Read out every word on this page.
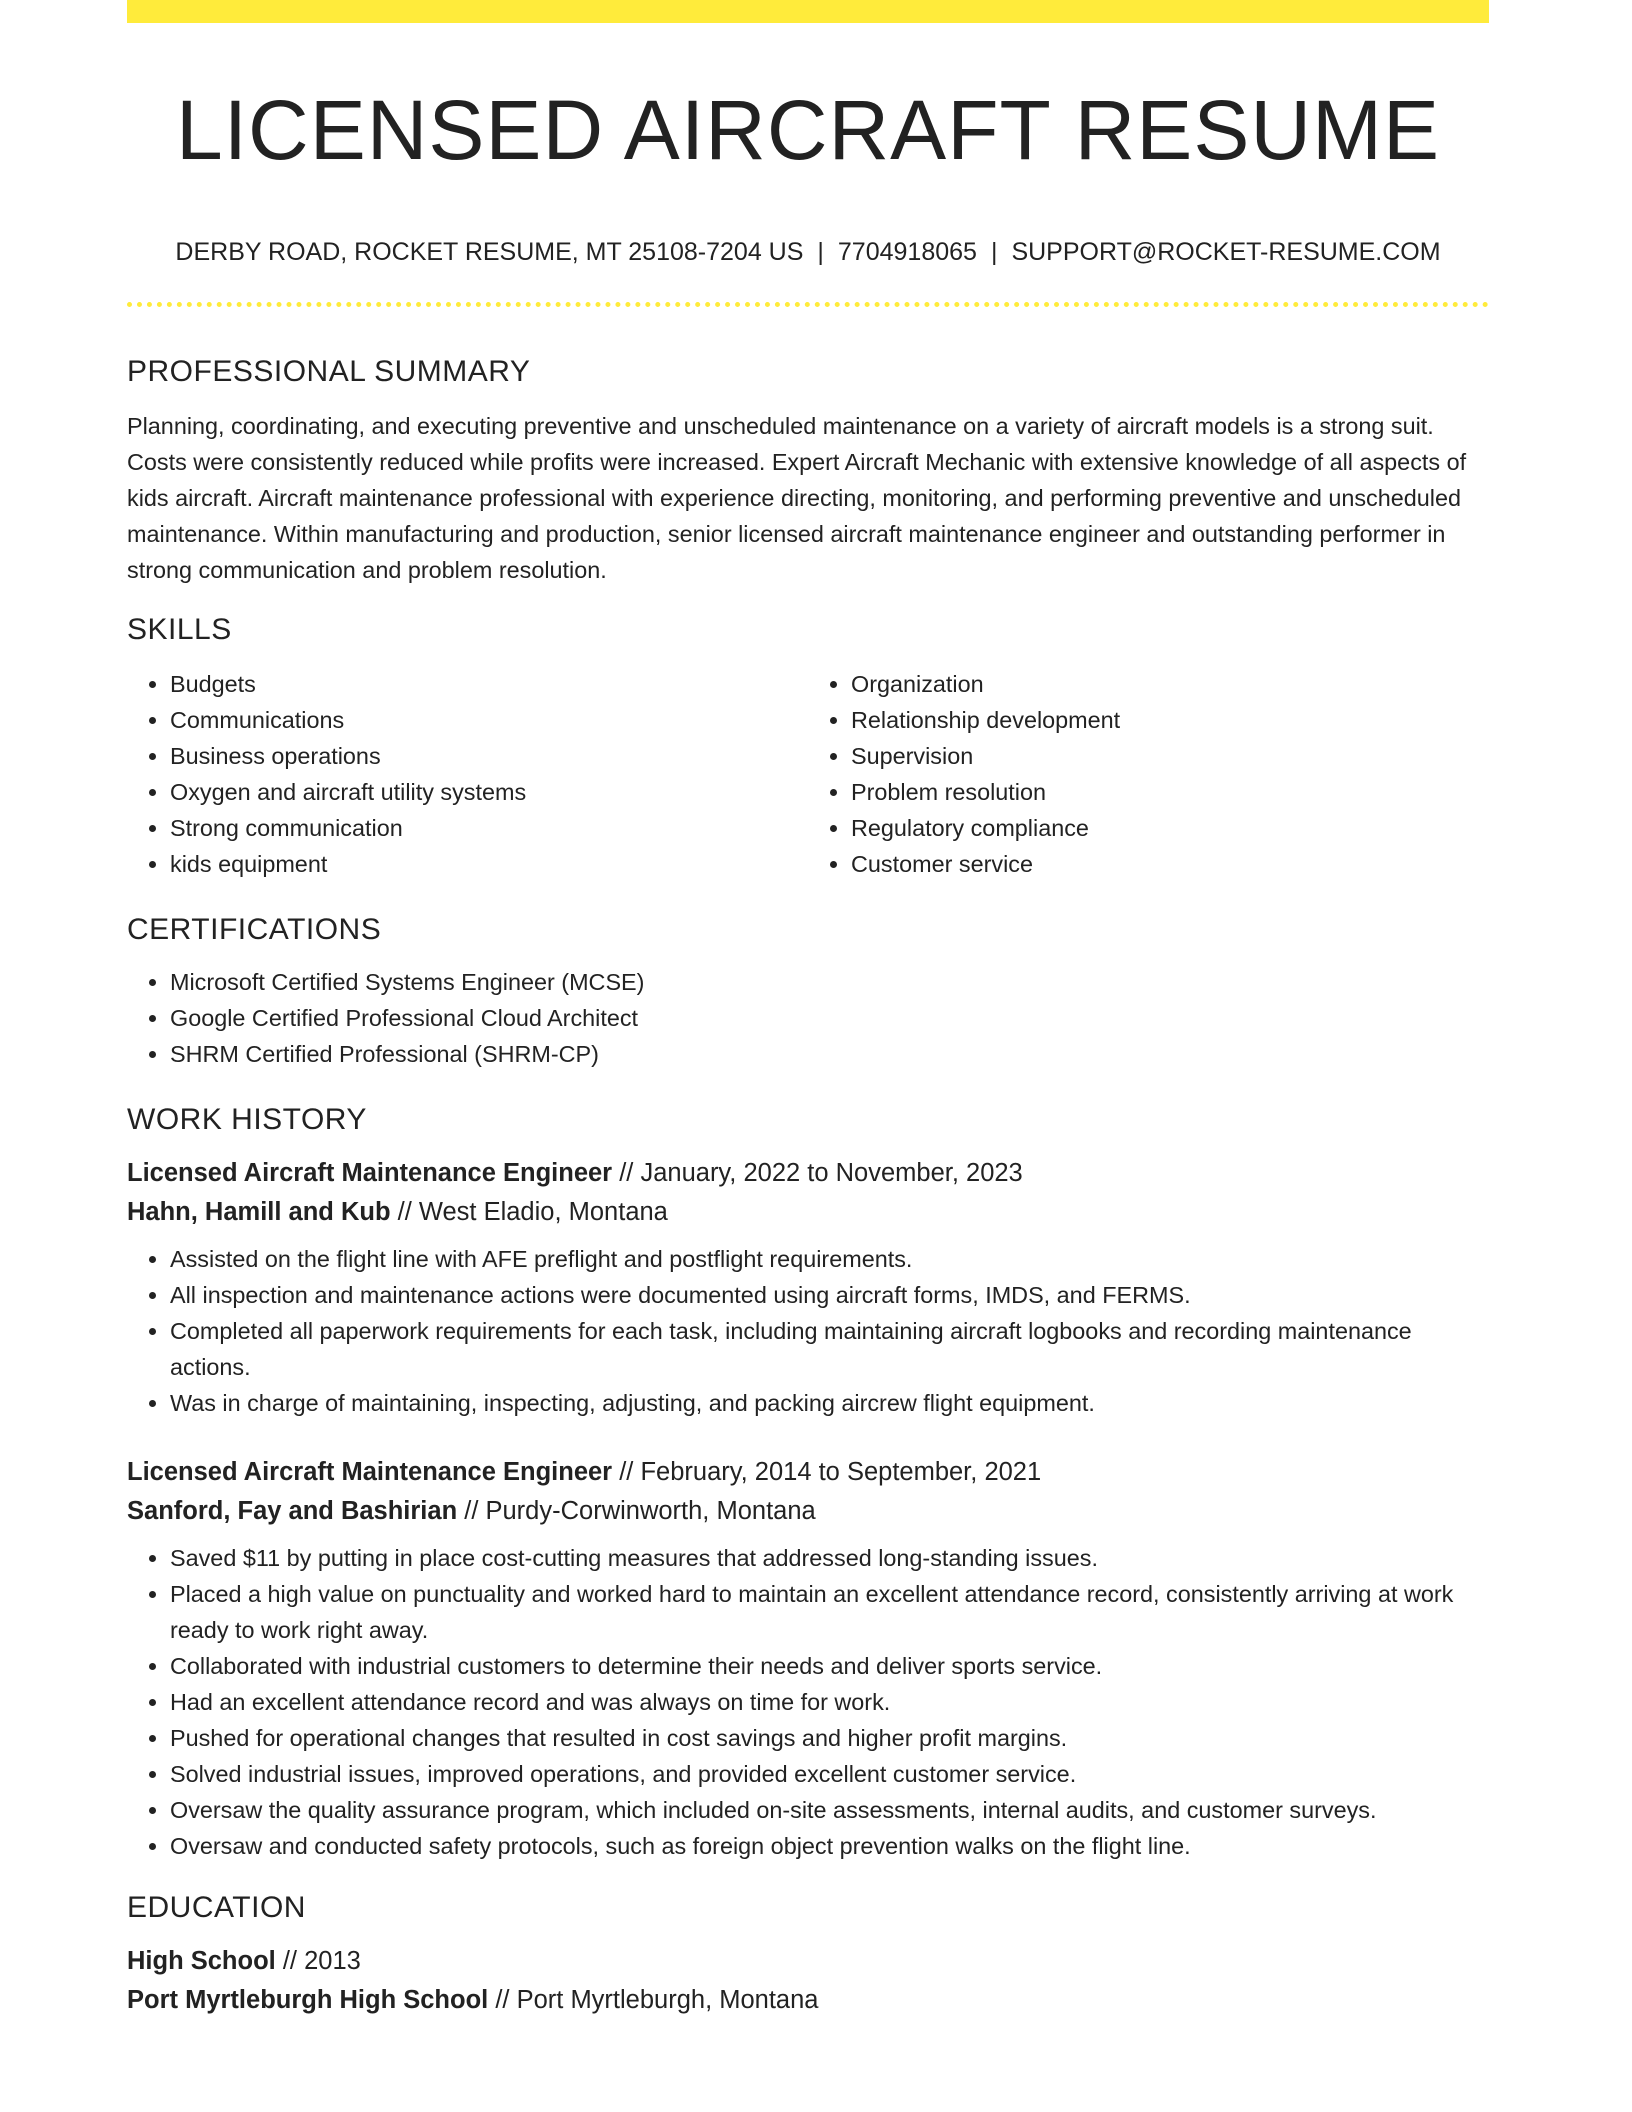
LICENSED AIRCRAFT RESUME
DERBY ROAD, ROCKET RESUME, MT 25108-7204 US | 7704918065 | SUPPORT@ROCKET-RESUME.COM
PROFESSIONAL SUMMARY

Planning, coordinating, and executing preventive and unscheduled maintenance on a variety of aircraft models is a strong suit. Costs were consistently reduced while profits were increased. Expert Aircraft Mechanic with extensive knowledge of all aspects of kids aircraft. Aircraft maintenance professional with experience directing, monitoring, and performing preventive and unscheduled maintenance. Within manufacturing and production, senior licensed aircraft maintenance engineer and outstanding performer in strong communication and problem resolution.

SKILLS
• Budgets
• Communications
• Business operations
• Oxygen and aircraft utility systems
• Strong communication
• kids equipment
• Organization
• Relationship development
• Supervision
• Problem resolution
• Regulatory compliance
• Customer service
CERTIFICATIONS
• Microsoft Certified Systems Engineer (MCSE)
• Google Certified Professional Cloud Architect
• SHRM Certified Professional (SHRM-CP)
WORK HISTORY
Licensed Aircraft Maintenance Engineer // January, 2022 to November, 2023
Hahn, Hamill and Kub // West Eladio, Montana
• Assisted on the flight line with AFE preflight and postflight requirements.
• All inspection and maintenance actions were documented using aircraft forms, IMDS, and FERMS.
• Completed all paperwork requirements for each task, including maintaining aircraft logbooks and recording maintenance actions.
• Was in charge of maintaining, inspecting, adjusting, and packing aircrew flight equipment.
Licensed Aircraft Maintenance Engineer // February, 2014 to September, 2021
Sanford, Fay and Bashirian // Purdy-Corwinworth, Montana
• Saved $11 by putting in place cost-cutting measures that addressed long-standing issues.
• Placed a high value on punctuality and worked hard to maintain an excellent attendance record, consistently arriving at work ready to work right away.
• Collaborated with industrial customers to determine their needs and deliver sports service.
• Had an excellent attendance record and was always on time for work.
• Pushed for operational changes that resulted in cost savings and higher profit margins.
• Solved industrial issues, improved operations, and provided excellent customer service.
• Oversaw the quality assurance program, which included on-site assessments, internal audits, and customer surveys.
• Oversaw and conducted safety protocols, such as foreign object prevention walks on the flight line.
EDUCATION
High School // 2013
Port Myrtleburgh High School // Port Myrtleburgh, Montana
